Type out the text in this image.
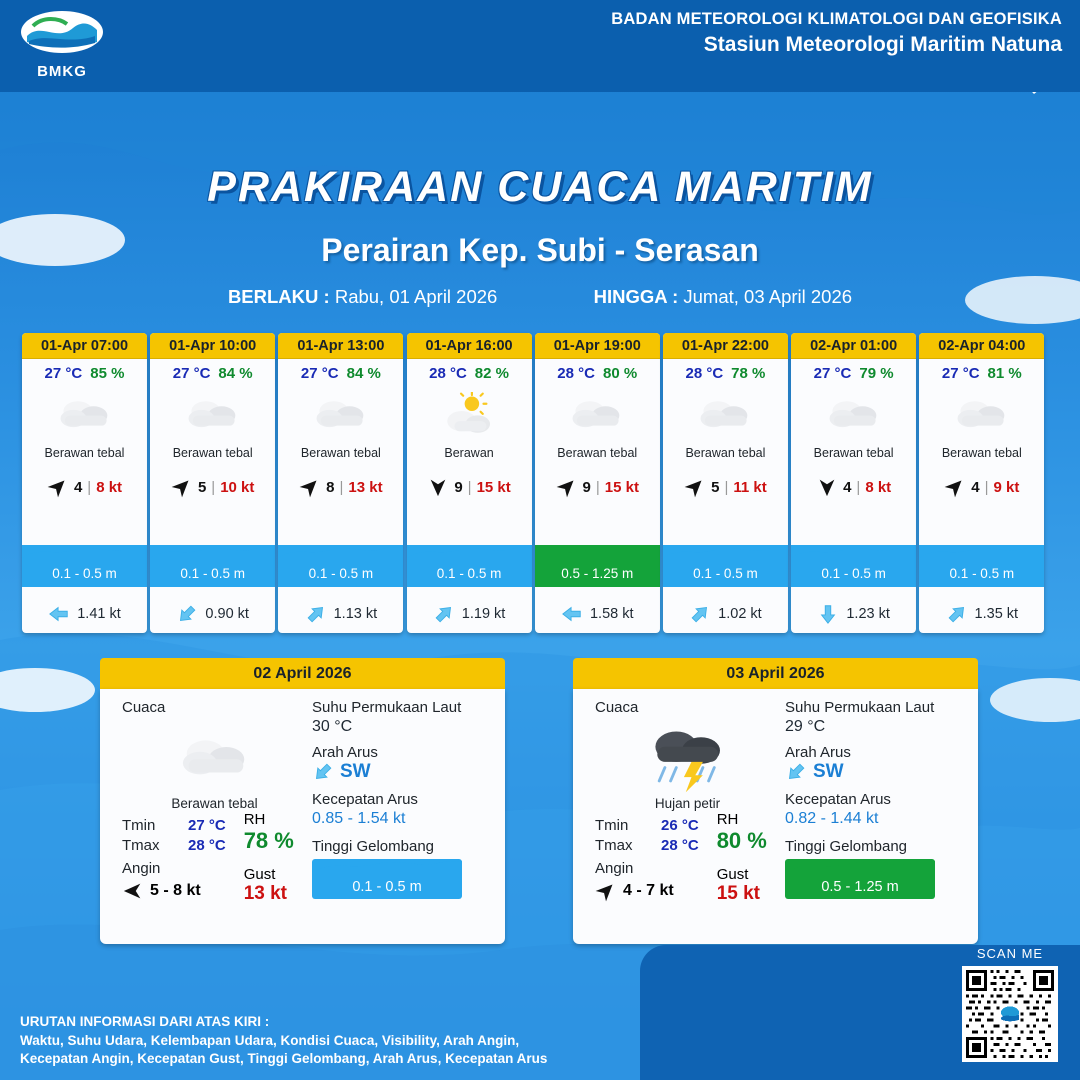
BMKG
BADAN METEOROLOGI KLIMATOLOGI DAN GEOFISIKA
Stasiun Meteorologi Maritim Natuna
PRAKIRAAN CUACA MARITIM
Perairan Kep. Subi - Serasan
BERLAKU : Rabu, 01 April 2026	HINGGA : Jumat, 03 April 2026
01-Apr 07:00
27 °C 85 %
Berawan tebal
4 | 8 kt
0.1 - 0.5 m
1.41 kt
01-Apr 10:00
27 °C 84 %
Berawan tebal
5 | 10 kt
0.1 - 0.5 m
0.90 kt
01-Apr 13:00
27 °C 84 %
Berawan tebal
8 | 13 kt
0.1 - 0.5 m
1.13 kt
01-Apr 16:00
28 °C 82 %
Berawan
9 | 15 kt
0.1 - 0.5 m
1.19 kt
01-Apr 19:00
28 °C 80 %
Berawan tebal
9 | 15 kt
0.5 - 1.25 m
1.58 kt
01-Apr 22:00
28 °C 78 %
Berawan tebal
5 | 11 kt
0.1 - 0.5 m
1.02 kt
02-Apr 01:00
27 °C 79 %
Berawan tebal
4 | 8 kt
0.1 - 0.5 m
1.23 kt
02-Apr 04:00
27 °C 81 %
Berawan tebal
4 | 9 kt
0.1 - 0.5 m
1.35 kt
02 April 2026
Cuaca
Berawan tebal
Tmin	27 °C
Tmax	28 °C
Angin
5 - 8 kt
RH
78 %
Gust
13 kt
Suhu Permukaan Laut
30 °C
Arah Arus
SW
Kecepatan Arus
0.85 - 1.54 kt
Tinggi Gelombang
0.1 - 0.5 m
03 April 2026
Cuaca
Hujan petir
Tmin	26 °C
Tmax	28 °C
Angin
4 - 7 kt
RH
80 %
Gust
15 kt
Suhu Permukaan Laut
29 °C
Arah Arus
SW
Kecepatan Arus
0.82 - 1.44 kt
Tinggi Gelombang
0.5 - 1.25 m
URUTAN INFORMASI DARI ATAS KIRI :
Waktu, Suhu Udara, Kelembapan Udara, Kondisi Cuaca, Visibility, Arah Angin,
Kecepatan Angin, Kecepatan Gust, Tinggi Gelombang, Arah Arus, Kecepatan Arus
SCAN ME
